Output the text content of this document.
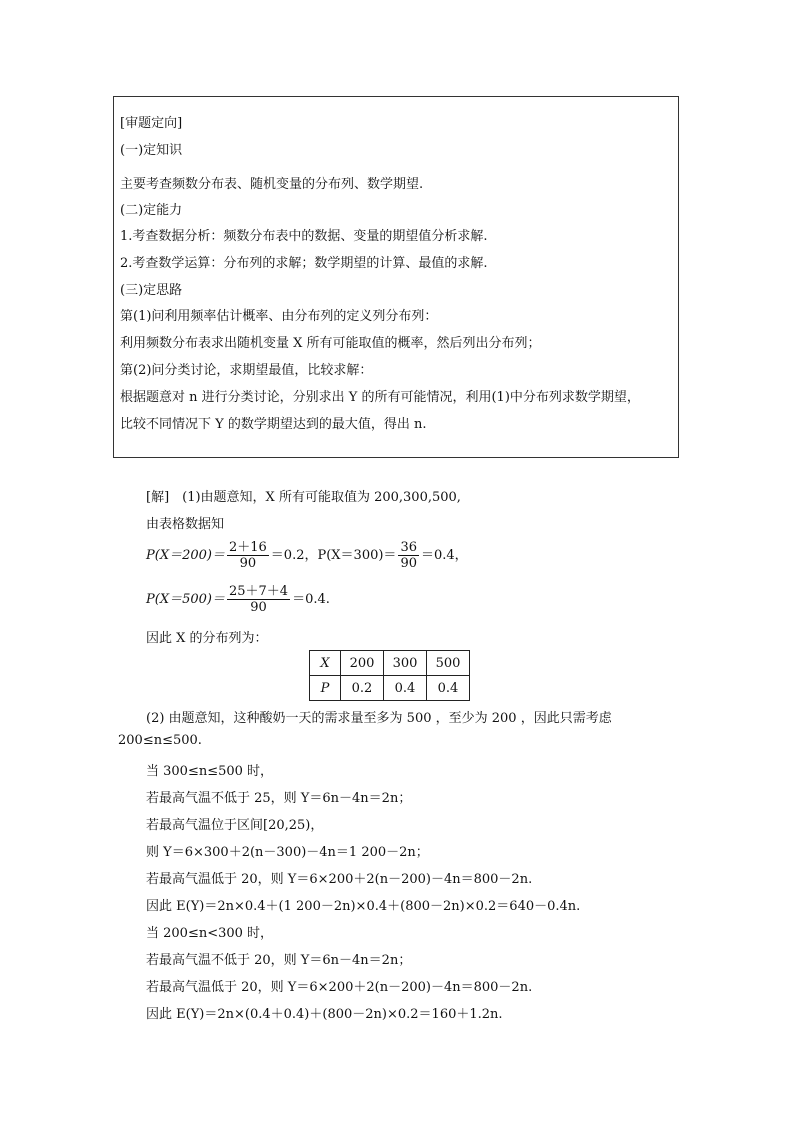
[审题定向]
(一)定知识
主要考查频数分布表、随机变量的分布列、数学期望.
(二)定能力
1.考查数据分析：频数分布表中的数据、变量的期望值分析求解.
2.考查数学运算：分布列的求解；数学期望的计算、最值的求解.
(三)定思路
第(1)问利用频率估计概率、由分布列的定义列分布列：
利用频数分布表求出随机变量 X 所有可能取值的概率，然后列出分布列；
第(2)问分类讨论，求期望最值，比较求解：
根据题意对 n 进行分类讨论，分别求出 Y 的所有可能情况，利用(1)中分布列求数学期望，
比较不同情况下 Y 的数学期望达到的最大值，得出 n.
[解]　(1)由题意知，X 所有可能取值为 200,300,500,
由表格数据知
$P(X=200)= \frac{2+16}{90} =0.2$，$P(X=300)= \frac{36}{90} =0.4$，
$P(X=500)= \frac{25+7+4}{90} =0.4$.
因此 X 的分布列为：
X	200	300	500
P	0.2	0.4	0.4
(2) 由题意知，这种酸奶一天的需求量至多为 500 ，至少为 200 ，因此只需考虑
200≤n≤500.
当 300≤n≤500 时，
若最高气温不低于 25，则 Y＝6n－4n＝2n；
若最高气温位于区间[20,25)，
则 Y＝6×300＋2(n－300)－4n＝1 200－2n；
若最高气温低于 20，则 Y＝6×200＋2(n－200)－4n＝800－2n.
因此 E(Y)＝2n×0.4＋(1 200－2n)×0.4＋(800－2n)×0.2＝640－0.4n.
当 200≤n<300 时，
若最高气温不低于 20，则 Y＝6n－4n＝2n；
若最高气温低于 20，则 Y＝6×200＋2(n－200)－4n＝800－2n.
因此 E(Y)＝2n×(0.4＋0.4)＋(800－2n)×0.2＝160＋1.2n.
